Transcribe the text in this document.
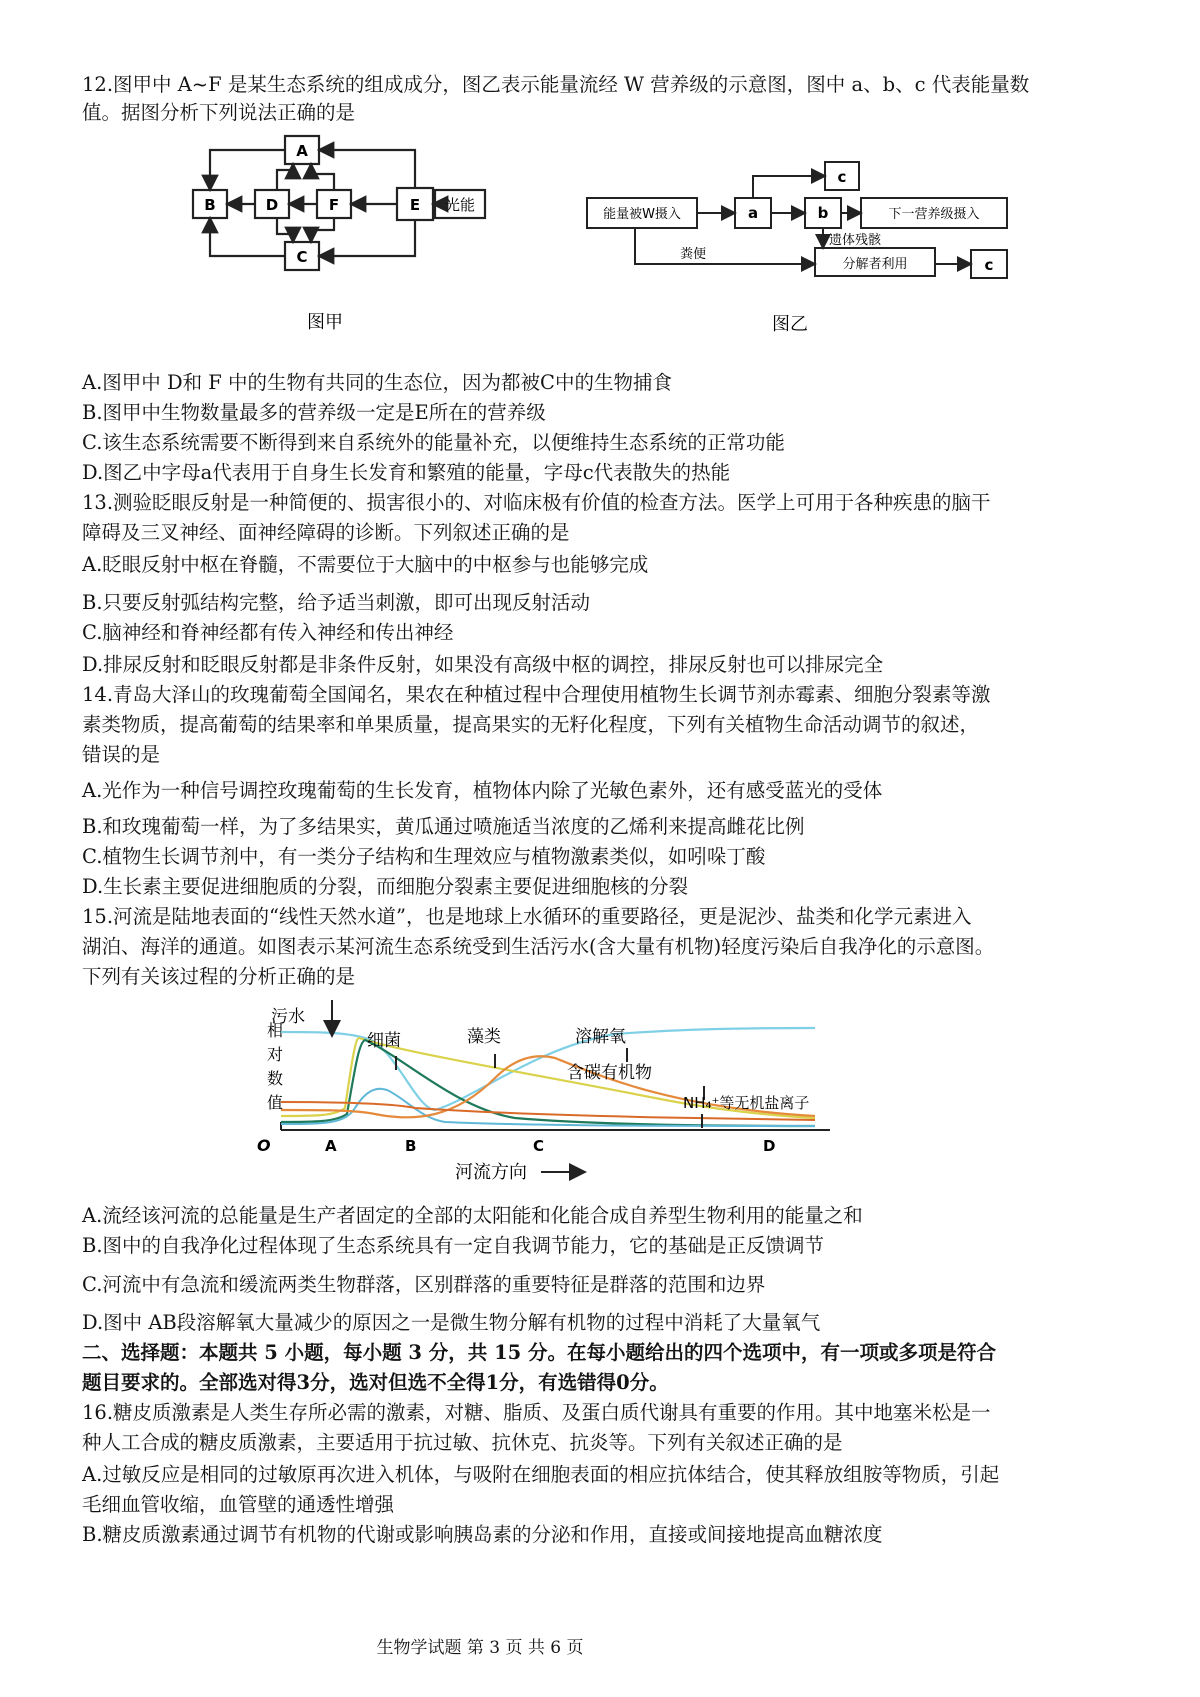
12.图甲中 A~F 是某生态系统的组成成分，图乙表示能量流经 W 营养级的示意图，图中 a、b、c 代表能量数
值。据图分析下列说法正确的是
A
B
C
D	F	E 光能
图甲
能量被W摄入	a	b
c
下一营养级摄入
遗体残骸
粪便
分解者利用	c
图乙
A.图甲中 D和 F 中的生物有共同的生态位，因为都被C中的生物捕食
B.图甲中生物数量最多的营养级一定是E所在的营养级
C.该生态系统需要不断得到来自系统外的能量补充，以便维持生态系统的正常功能
D.图乙中字母a代表用于自身生长发育和繁殖的能量，字母c代表散失的热能
13.测验眨眼反射是一种简便的、损害很小的、对临床极有价值的检查方法。医学上可用于各种疾患的脑干
障碍及三叉神经、面神经障碍的诊断。下列叙述正确的是
A.眨眼反射中枢在脊髓，不需要位于大脑中的中枢参与也能够完成
B.只要反射弧结构完整，给予适当刺激，即可出现反射活动
C.脑神经和脊神经都有传入神经和传出神经
D.排尿反射和眨眼反射都是非条件反射，如果没有高级中枢的调控，排尿反射也可以排尿完全
14.青岛大泽山的玫瑰葡萄全国闻名，果农在种植过程中合理使用植物生长调节剂赤霉素、细胞分裂素等激
素类物质，提高葡萄的结果率和单果质量，提高果实的无籽化程度，下列有关植物生命活动调节的叙述，
错误的是
A.光作为一种信号调控玫瑰葡萄的生长发育，植物体内除了光敏色素外，还有感受蓝光的受体
B.和玫瑰葡萄一样，为了多结果实，黄瓜通过喷施适当浓度的乙烯利来提高雌花比例
C.植物生长调节剂中，有一类分子结构和生理效应与植物激素类似，如吲哚丁酸
D.生长素主要促进细胞质的分裂，而细胞分裂素主要促进细胞核的分裂
15.河流是陆地表面的“线性天然水道”，也是地球上水循环的重要路径，更是泥沙、盐类和化学元素进入
湖泊、海洋的通道。如图表示某河流生态系统受到生活污水(含大量有机物)轻度污染后自我净化的示意图。
下列有关该过程的分析正确的是
相
对
数
值
污水
细菌	藻类	溶解氧
含碳有机物
NH₄⁺等无机盐离子
O	A	B	C	D
河流方向
A.流经该河流的总能量是生产者固定的全部的太阳能和化能合成自养型生物利用的能量之和
B.图中的自我净化过程体现了生态系统具有一定自我调节能力，它的基础是正反馈调节
C.河流中有急流和缓流两类生物群落，区别群落的重要特征是群落的范围和边界
D.图中 AB段溶解氧大量减少的原因之一是微生物分解有机物的过程中消耗了大量氧气
二、选择题：本题共 5 小题，每小题 3 分，共 15 分。在每小题给出的四个选项中，有一项或多项是符合
题目要求的。全部选对得3分，选对但选不全得1分，有选错得0分。
16.糖皮质激素是人类生存所必需的激素，对糖、脂质、及蛋白质代谢具有重要的作用。其中地塞米松是一
种人工合成的糖皮质激素，主要适用于抗过敏、抗休克、抗炎等。下列有关叙述正确的是
A.过敏反应是相同的过敏原再次进入机体，与吸附在细胞表面的相应抗体结合，使其释放组胺等物质，引起
毛细血管收缩，血管壁的通透性增强
B.糖皮质激素通过调节有机物的代谢或影响胰岛素的分泌和作用，直接或间接地提高血糖浓度
生物学试题 第 3 页 共 6 页
